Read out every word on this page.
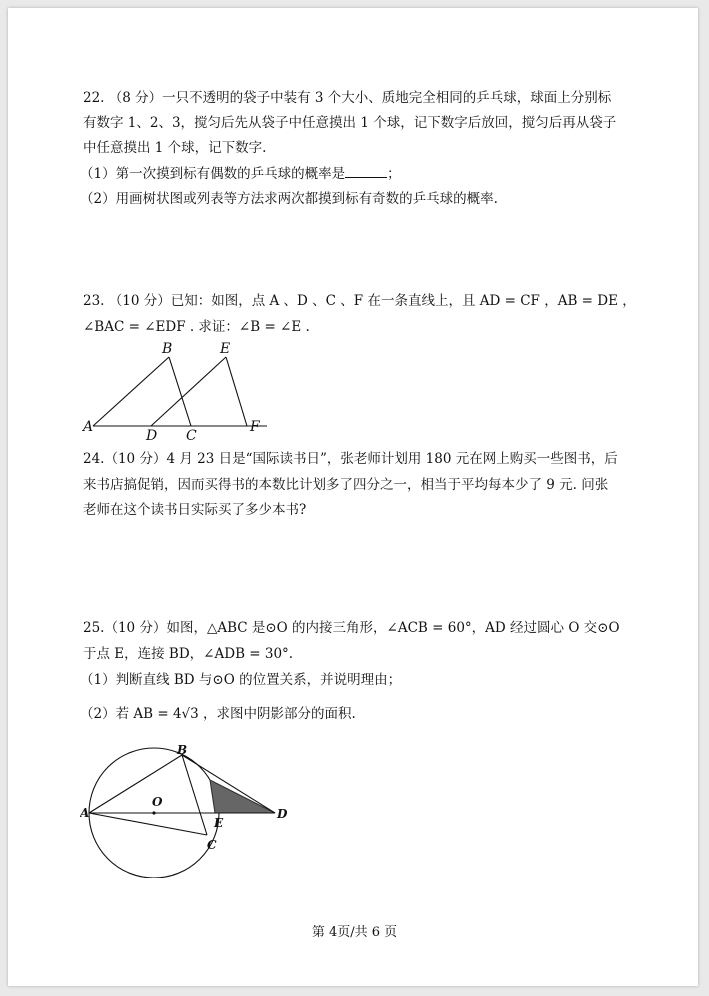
22. （8 分）一只不透明的袋子中装有 3 个大小、质地完全相同的乒乓球，球面上分别标
有数字 1、2、3，搅匀后先从袋子中任意摸出 1 个球，记下数字后放回，搅匀后再从袋子
中任意摸出 1 个球，记下数字.
（1）第一次摸到标有偶数的乒乓球的概率是	；
（2）用画树状图或列表等方法求两次都摸到标有奇数的乒乓球的概率.
23. （10 分）已知：如图，点 A 、D 、C 、F 在一条直线上，且 AD = CF ，AB = DE ，
∠BAC = ∠EDF . 求证：∠B = ∠E .
A
B
C
D
E
F
24.（10 分）4 月 23 日是“国际读书日”，张老师计划用 180 元在网上购买一些图书，后
来书店搞促销，因而买得书的本数比计划多了四分之一，相当于平均每本少了 9 元. 问张
老师在这个读书日实际买了多少本书?
25.（10 分）如图，△ABC 是⊙O 的内接三角形，∠ACB = 60°，AD 经过圆心 O 交⊙O
于点 E，连接 BD，∠ADB = 30°.
（1）判断直线 BD 与⊙O 的位置关系，并说明理由；
（2）若 AB = 4√3 ，求图中阴影部分的面积.
A
B
C
D
E
O
第 4页/共 6 页
